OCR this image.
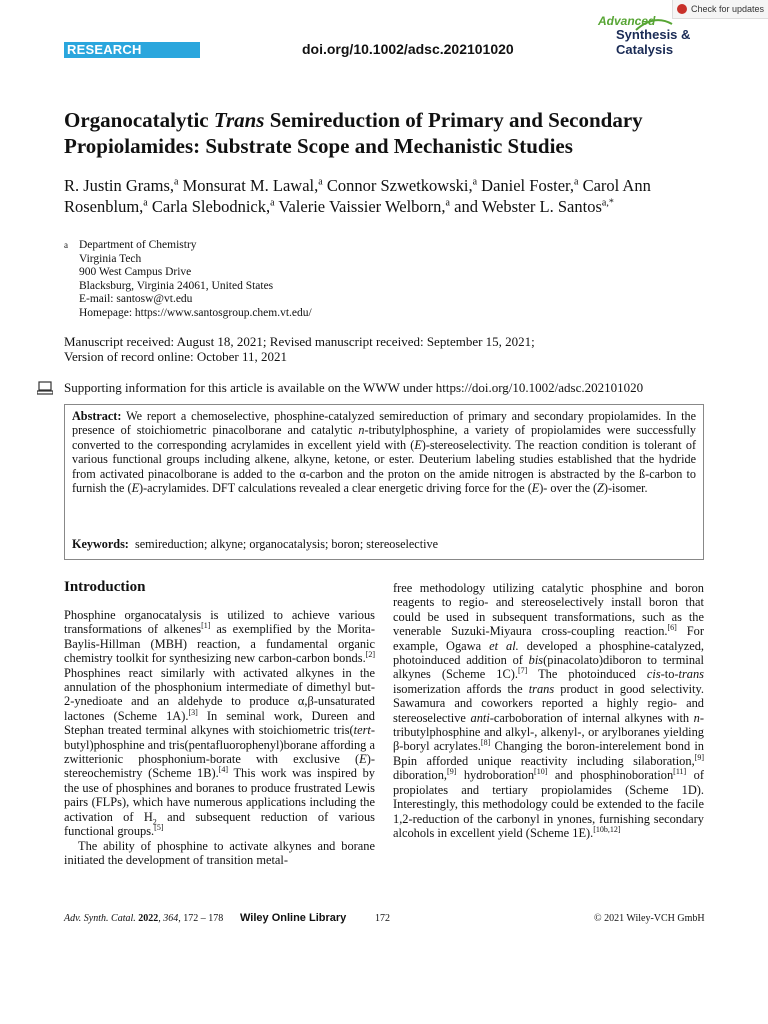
Check for updates
RESEARCH ARTICLE
doi.org/10.1002/adsc.202101020
Advanced
Synthesis &
Catalysis
Organocatalytic Trans Semireduction of Primary and Secondary Propiolamides: Substrate Scope and Mechanistic Studies
R. Justin Grams,$^a$ Monsurat M. Lawal,$^a$ Connor Szwetkowski,$^a$ Daniel Foster,$^a$ Carol Ann Rosenblum,$^a$ Carla Slebodnick,$^a$ Valerie Vaissier Welborn,$^a$ and Webster L. Santos$^{a,*}$
a Department of Chemistry
Virginia Tech
900 West Campus Drive
Blacksburg, Virginia 24061, United States
E-mail: santosw@vt.edu
Homepage: https://www.santosgroup.chem.vt.edu/
Manuscript received: August 18, 2021; Revised manuscript received: September 15, 2021;
Version of record online: October 11, 2021
Supporting information for this article is available on the WWW under https://doi.org/10.1002/adsc.202101020
Abstract: We report a chemoselective, phosphine-catalyzed semireduction of primary and secondary propiolamides. In the presence of stoichiometric pinacolborane and catalytic n-tributylphosphine, a variety of propiolamides were successfully converted to the corresponding acrylamides in excellent yield with (E)-stereoselectivity. The reaction condition is tolerant of various functional groups including alkene, alkyne, ketone, or ester. Deuterium labeling studies established that the hydride from activated pinacolborane is added to the α-carbon and the proton on the amide nitrogen is abstracted by the ß-carbon to furnish the (E)-acrylamides. DFT calculations revealed a clear energetic driving force for the (E)- over the (Z)-isomer.
Keywords: semireduction; alkyne; organocatalysis; boron; stereoselective
Introduction

Phosphine organocatalysis is utilized to achieve various transformations of alkenes[1] as exemplified by the Morita-Baylis-Hillman (MBH) reaction, a fundamental organic chemistry toolkit for synthesizing new carbon-carbon bonds.[2] Phosphines react similarly with activated alkynes in the annulation of the phosphonium intermediate of dimethyl but-2-ynedioate and an aldehyde to produce α,β-unsaturated lactones (Scheme 1A).[3] In seminal work, Dureen and Stephan treated terminal alkynes with stoichiometric tris(tert-butyl)phosphine and tris(pentafluorophenyl)borane affording a zwitterionic phosphonium-borate with exclusive (E)-stereochemistry (Scheme 1B).[4] This work was inspired by the use of phosphines and boranes to produce frustrated Lewis pairs (FLPs), which have numerous applications including the activation of $H_2$ and subsequent reduction of various functional groups.[5]

The ability of phosphine to activate alkynes and borane initiated the development of transition metal-

free methodology utilizing catalytic phosphine and boron reagents to regio- and stereoselectively install boron that could be used in subsequent transformations, such as the venerable Suzuki-Miyaura cross-coupling reaction.[6] For example, Ogawa et al. developed a phosphine-catalyzed, photoinduced addition of bis(pinacolato)diboron to terminal alkynes (Scheme 1C).[7] The photoinduced cis-to-trans isomerization affords the trans product in good selectivity. Sawamura and coworkers reported a highly regio- and stereoselective anti-carboboration of internal alkynes with n-tributylphosphine and alkyl-, alkenyl-, or arylboranes yielding β-boryl acrylates.[8] Changing the boron-interelement bond in Bpin afforded unique reactivity including silaboration,[9] diboration,[9] hydroboration[10] and phosphinoboration[11] of propiolates and tertiary propiolamides (Scheme 1D). Interestingly, this methodology could be extended to the facile 1,2-reduction of the carbonyl in ynones, furnishing secondary alcohols in excellent yield (Scheme 1E).[10b,12]

Adv. Synth. Catal. 2022, 364, 172 – 178 Wiley Online Library	172	© 2021 Wiley-VCH GmbH
